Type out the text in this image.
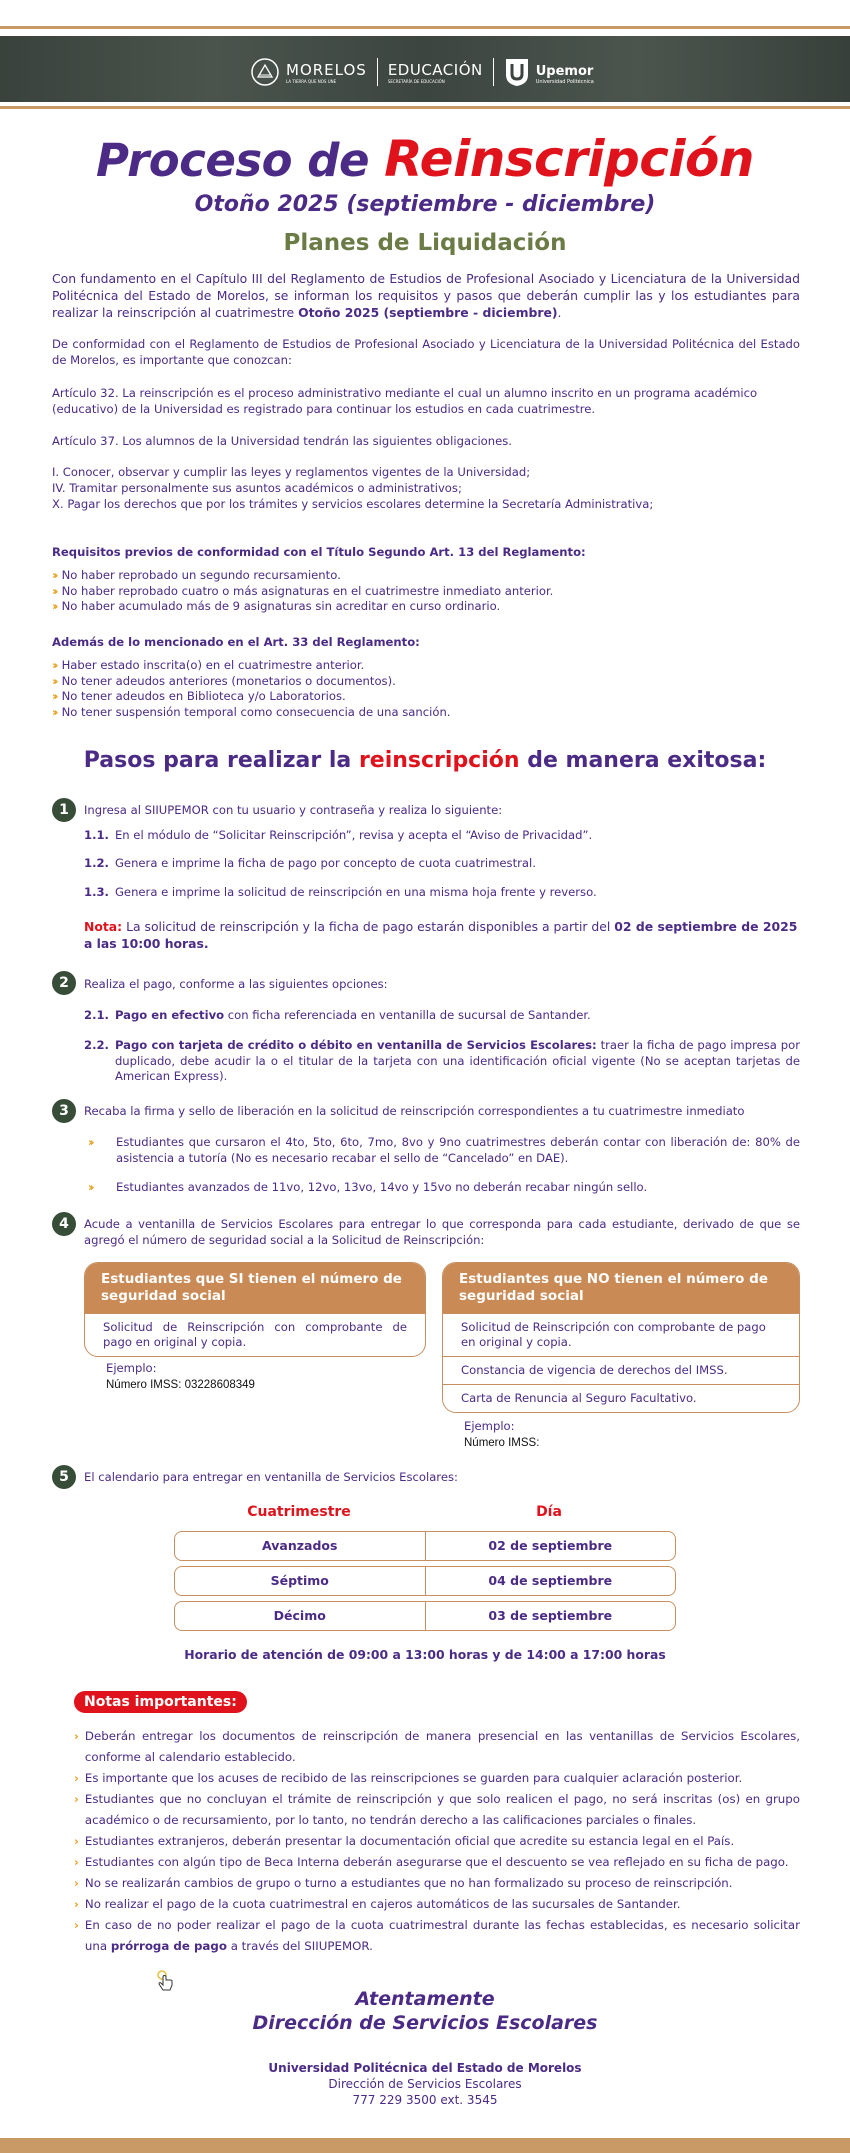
MORELOS
LA TIERRA QUE NOS UNE
EDUCACIÓN
SECRETARÍA DE EDUCACIÓN
Upemor
Universidad Politécnica
Proceso de Reinscripción
Otoño 2025 (septiembre - diciembre)
Planes de Liquidación
Con fundamento en el Capítulo III del Reglamento de Estudios de Profesional Asociado y Licenciatura de la Universidad Politécnica del Estado de Morelos, se informan los requisitos y pasos que deberán cumplir las y los estudiantes para realizar la reinscripción al cuatrimestre Otoño 2025 (septiembre - diciembre).
De conformidad con el Reglamento de Estudios de Profesional Asociado y Licenciatura de la Universidad Politécnica del Estado de Morelos, es importante que conozcan:
Artículo 32. La reinscripción es el proceso administrativo mediante el cual un alumno inscrito en un programa académico (educativo) de la Universidad es registrado para continuar los estudios en cada cuatrimestre.
Artículo 37. Los alumnos de la Universidad tendrán las siguientes obligaciones.
I. Conocer, observar y cumplir las leyes y reglamentos vigentes de la Universidad;
IV. Tramitar personalmente sus asuntos académicos o administrativos;
X. Pagar los derechos que por los trámites y servicios escolares determine la Secretaría Administrativa;
Requisitos previos de conformidad con el Título Segundo Art. 13 del Reglamento:
›› No haber reprobado un segundo recursamiento.
›› No haber reprobado cuatro o más asignaturas en el cuatrimestre inmediato anterior.
›› No haber acumulado más de 9 asignaturas sin acreditar en curso ordinario.
Además de lo mencionado en el Art. 33 del Reglamento:
›› Haber estado inscrita(o) en el cuatrimestre anterior.
›› No tener adeudos anteriores (monetarios o documentos).
›› No tener adeudos en Biblioteca y/o Laboratorios.
›› No tener suspensión temporal como consecuencia de una sanción.
Pasos para realizar la reinscripción de manera exitosa:
1	Ingresa al SIIUPEMOR con tu usuario y contraseña y realiza lo siguiente:
1.1. En el módulo de “Solicitar Reinscripción”, revisa y acepta el “Aviso de Privacidad”.
1.2. Genera e imprime la ficha de pago por concepto de cuota cuatrimestral.
1.3. Genera e imprime la solicitud de reinscripción en una misma hoja frente y reverso.
Nota: La solicitud de reinscripción y la ficha de pago estarán disponibles a partir del 02 de septiembre de 2025 a las 10:00 horas.
2	Realiza el pago, conforme a las siguientes opciones:
2.1. Pago en efectivo con ficha referenciada en ventanilla de sucursal de Santander.
2.2. Pago con tarjeta de crédito o débito en ventanilla de Servicios Escolares: traer la ficha de pago impresa por duplicado, debe acudir la o el titular de la tarjeta con una identificación oficial vigente (No se aceptan tarjetas de American Express).
3	Recaba la firma y sello de liberación en la solicitud de reinscripción correspondientes a tu cuatrimestre inmediato
››	Estudiantes que cursaron el 4to, 5to, 6to, 7mo, 8vo y 9no cuatrimestres deberán contar con liberación de: 80% de asistencia a tutoría (No es necesario recabar el sello de “Cancelado” en DAE).
››	Estudiantes avanzados de 11vo, 12vo, 13vo, 14vo y 15vo no deberán recabar ningún sello.
4	Acude a ventanilla de Servicios Escolares para entregar lo que corresponda para cada estudiante, derivado de que se agregó el número de seguridad social a la Solicitud de Reinscripción:
Estudiantes que SI tienen el número de seguridad social
Solicitud de Reinscripción con comprobante de pago en original y copia.
Ejemplo:
Número IMSS: 03228608349
Estudiantes que NO tienen el número de seguridad social
Solicitud de Reinscripción con comprobante de pago en original y copia.
Constancia de vigencia de derechos del IMSS.
Carta de Renuncia al Seguro Facultativo.
Ejemplo:
Número IMSS:
5	El calendario para entregar en ventanilla de Servicios Escolares:
Cuatrimestre	Día
Avanzados	02 de septiembre
Séptimo	04 de septiembre
Décimo	03 de septiembre
Horario de atención de 09:00 a 13:00 horas y de 14:00 a 17:00 horas
Notas importantes:
› Deberán entregar los documentos de reinscripción de manera presencial en las ventanillas de Servicios Escolares, conforme al calendario establecido.
› Es importante que los acuses de recibido de las reinscripciones se guarden para cualquier aclaración posterior.
› Estudiantes que no concluyan el trámite de reinscripción y que solo realicen el pago, no será inscritas (os) en grupo académico o de recursamiento, por lo tanto, no tendrán derecho a las calificaciones parciales o finales.
› Estudiantes extranjeros, deberán presentar la documentación oficial que acredite su estancia legal en el País.
› Estudiantes con algún tipo de Beca Interna deberán asegurarse que el descuento se vea reflejado en su ficha de pago.
› No se realizarán cambios de grupo o turno a estudiantes que no han formalizado su proceso de reinscripción.
› No realizar el pago de la cuota cuatrimestral en cajeros automáticos de las sucursales de Santander.
› En caso de no poder realizar el pago de la cuota cuatrimestral durante las fechas establecidas, es necesario solicitar una prórroga de pago a través del SIIUPEMOR.
Atentamente
Dirección de Servicios Escolares
Universidad Politécnica del Estado de Morelos
Dirección de Servicios Escolares
777 229 3500 ext. 3545
